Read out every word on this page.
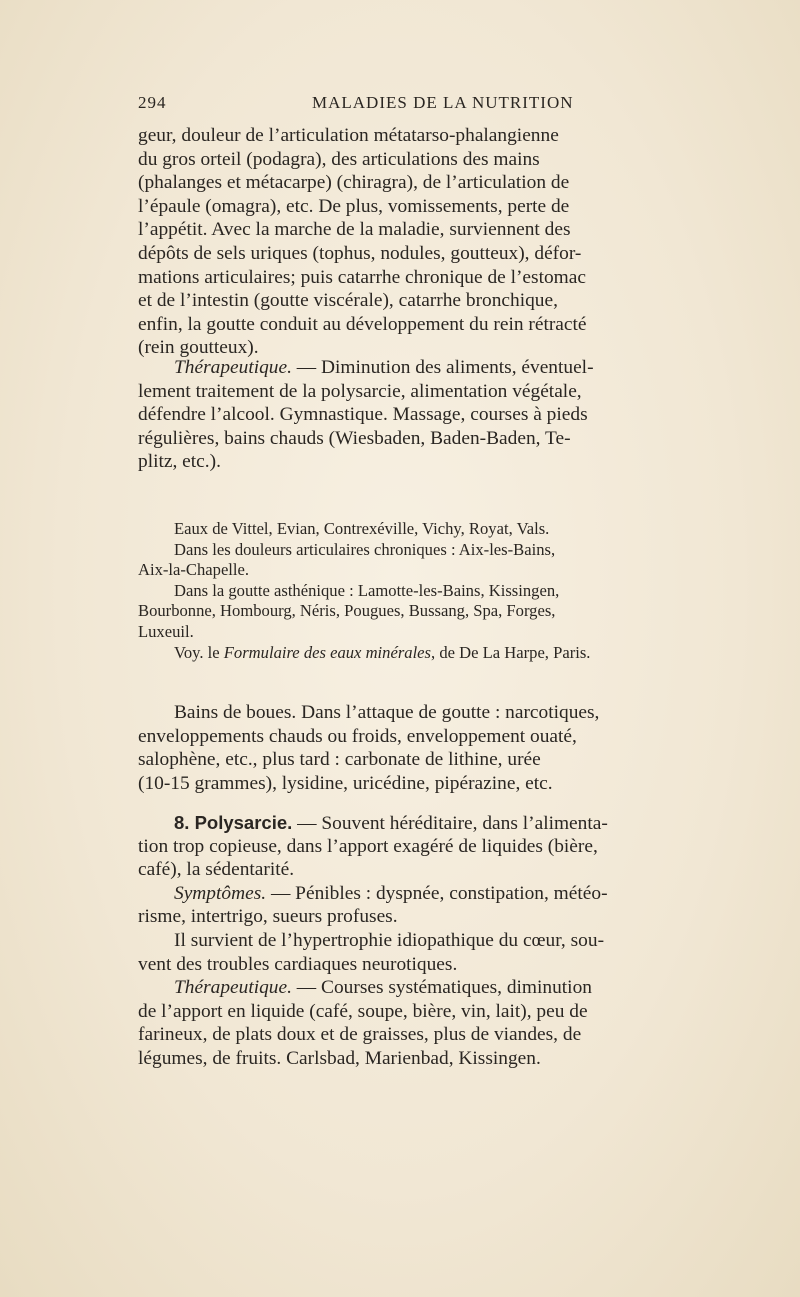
294	MALADIES DE LA NUTRITION
geur, douleur de l’articulation métatarso-phalangienne
du gros orteil (podagra), des articulations des mains
(phalanges et métacarpe) (chiragra), de l’articulation de
l’épaule (omagra), etc. De plus, vomissements, perte de
l’appétit. Avec la marche de la maladie, surviennent des
dépôts de sels uriques (tophus, nodules, goutteux), défor-
mations articulaires; puis catarrhe chronique de l’estomac
et de l’intestin (goutte viscérale), catarrhe bronchique,
enfin, la goutte conduit au développement du rein rétracté
(rein goutteux).
Thérapeutique. — Diminution des aliments, éventuel-
lement traitement de la polysarcie, alimentation végétale,
défendre l’alcool. Gymnastique. Massage, courses à pieds
régulières, bains chauds (Wiesbaden, Baden-Baden, Te-
plitz, etc.).
Eaux de Vittel, Evian, Contrexéville, Vichy, Royat, Vals.
Dans les douleurs articulaires chroniques : Aix-les-Bains,
Aix-la-Chapelle.
Dans la goutte asthénique : Lamotte-les-Bains, Kissingen,
Bourbonne, Hombourg, Néris, Pougues, Bussang, Spa, Forges,
Luxeuil.
Voy. le Formulaire des eaux minérales, de De La Harpe, Paris.
Bains de boues. Dans l’attaque de goutte : narcotiques,
enveloppements chauds ou froids, enveloppement ouaté,
salophène, etc., plus tard : carbonate de lithine, urée
(10-15 grammes), lysidine, uricédine, pipérazine, etc.
8. Polysarcie. — Souvent héréditaire, dans l’alimenta-
tion trop copieuse, dans l’apport exagéré de liquides (bière,
café), la sédentarité.
Symptômes. — Pénibles : dyspnée, constipation, météo-
risme, intertrigo, sueurs profuses.
Il survient de l’hypertrophie idiopathique du cœur, sou-
vent des troubles cardiaques neurotiques.
Thérapeutique. — Courses systématiques, diminution
de l’apport en liquide (café, soupe, bière, vin, lait), peu de
farineux, de plats doux et de graisses, plus de viandes, de
légumes, de fruits. Carlsbad, Marienbad, Kissingen.
